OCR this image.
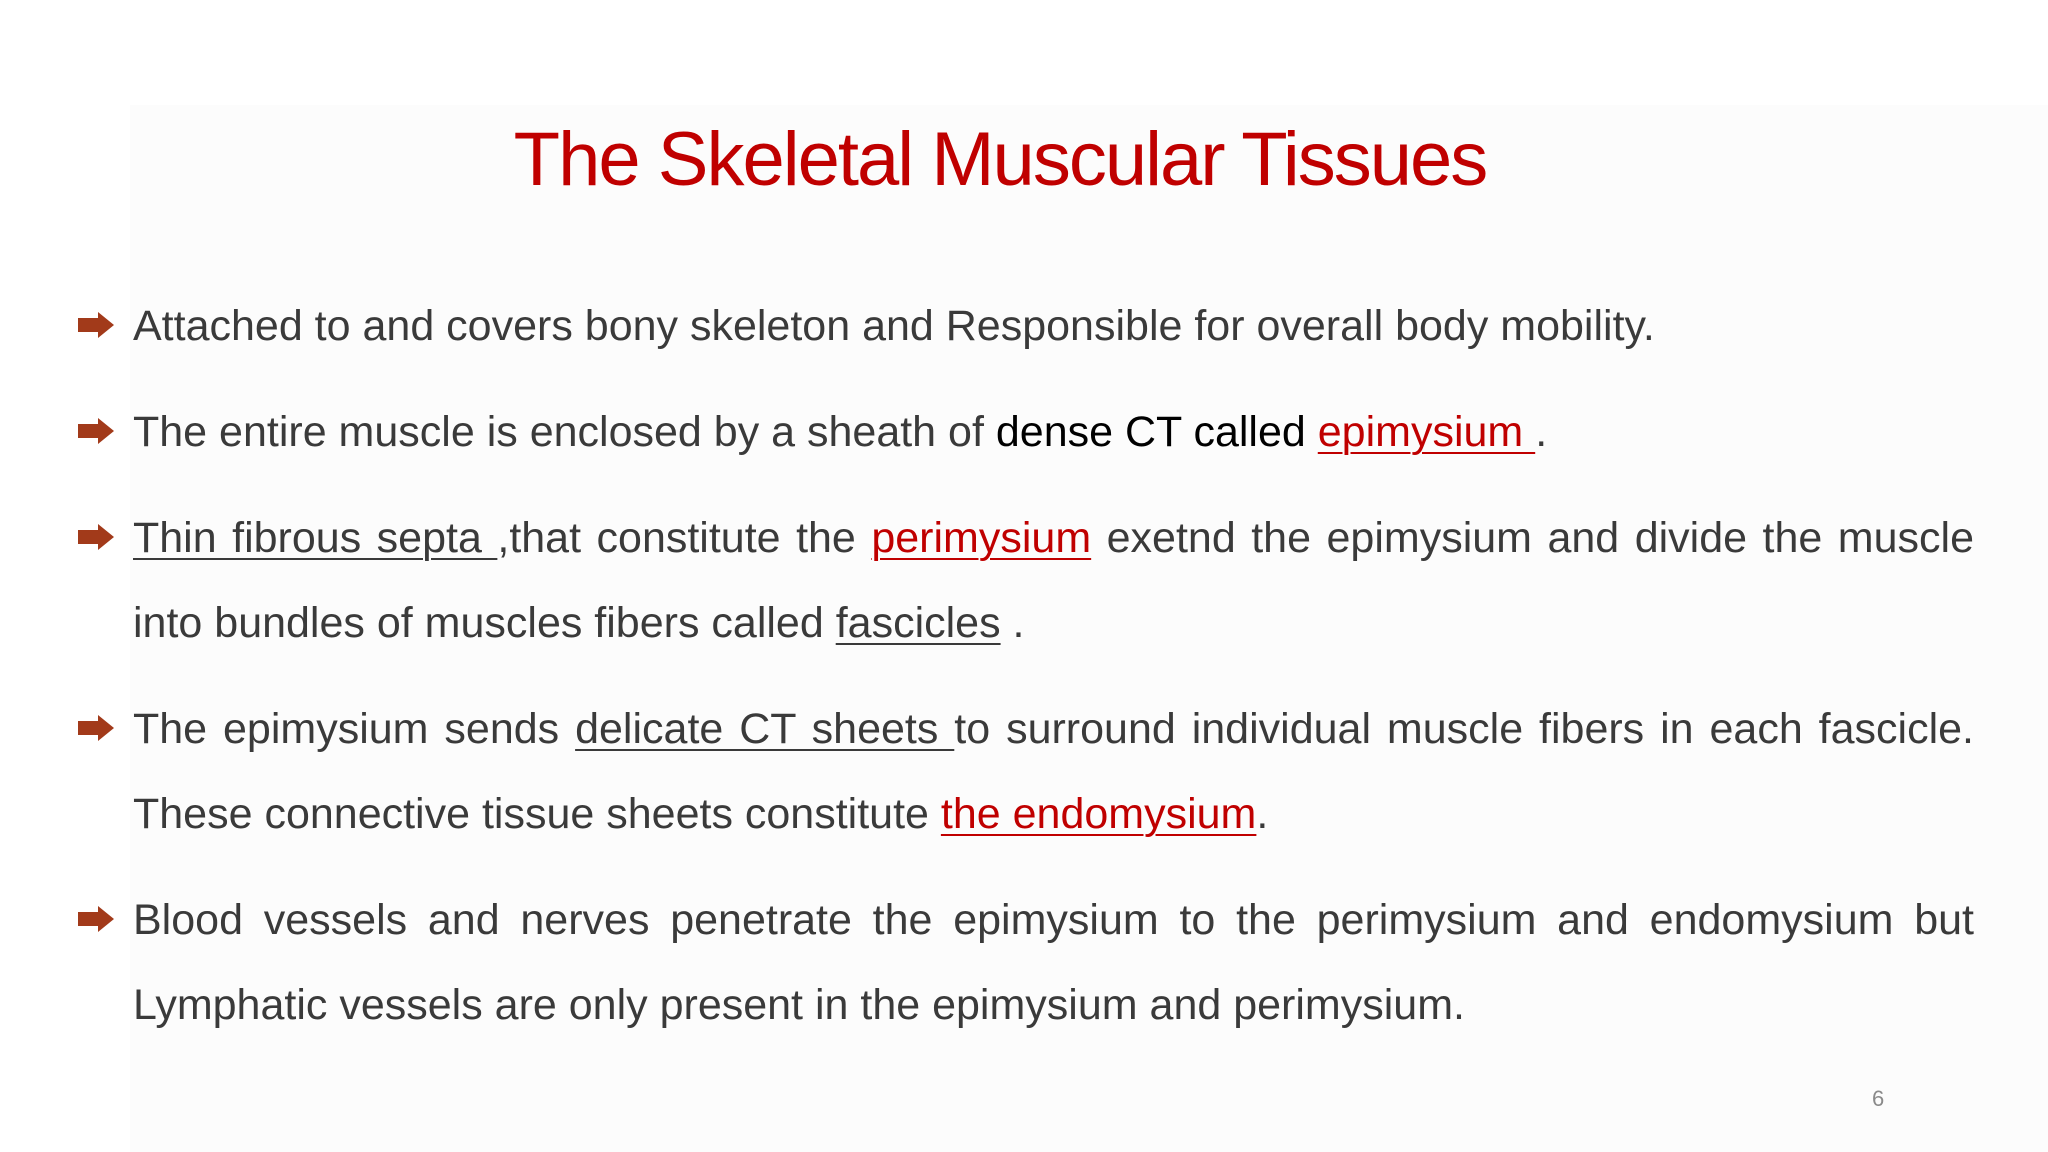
The Skeletal Muscular Tissues
Attached to and covers bony skeleton and Responsible for overall body mobility.
The entire muscle is enclosed by a sheath of dense CT called epimysium .
Thin fibrous septa ,that constitute the perimysium exetnd the epimysium and divide the muscle into bundles of muscles fibers called fascicles .
The epimysium sends delicate CT sheets to surround individual muscle fibers in each fascicle. These connective tissue sheets constitute the endomysium.
Blood vessels and nerves penetrate the epimysium to the perimysium and endomysium but Lymphatic vessels are only present in the epimysium and perimysium.
6
